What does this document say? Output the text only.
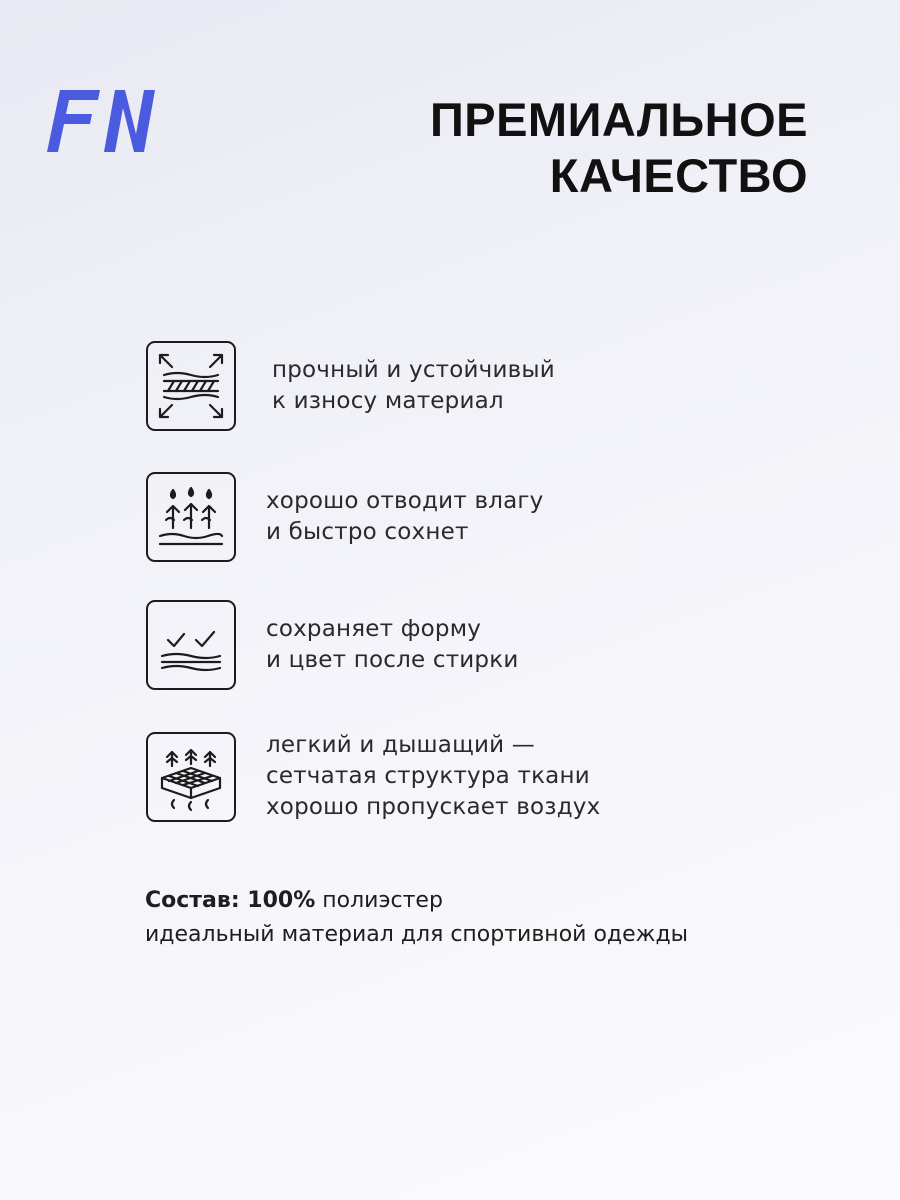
ПРЕМИАЛЬНОЕ
КАЧЕСТВО
прочный и устойчивый
к износу материал
хорошо отводит влагу
и быстро сохнет
сохраняет форму
и цвет после стирки
легкий и дышащий —
сетчатая структура ткани
хорошо пропускает воздух
Состав: 100% полиэстер
идеальный материал для спортивной одежды
